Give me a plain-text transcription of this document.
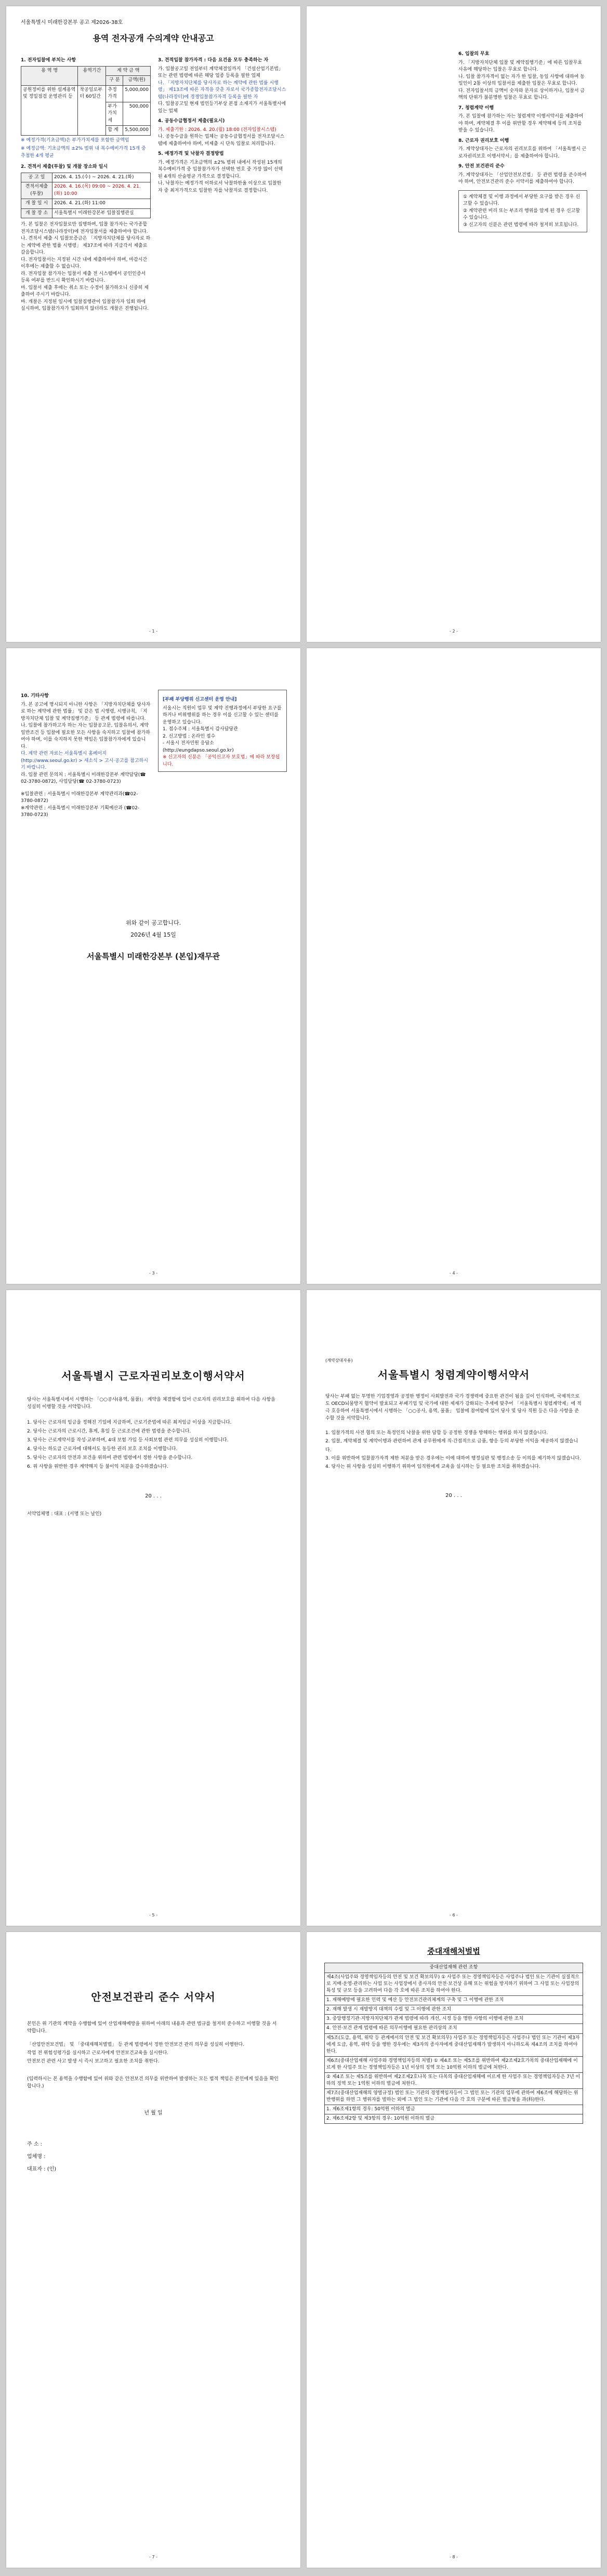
서울특별시 미래한강본부 공고 제2026-38호
용역 전자공개 수의계약 안내공고
1. 전자입찰에 부치는 사항
용 역 명	용역기간	계 약 금 액	
		구 분	금액(원)
공원정비를 위한 설계용역 및 정밀점검 운영관리 등	착공일로부터 60일간	추정가격	5,000,000
		부가가치세	500,000
		합 계	5,500,000
※ 예정가격(기초금액)은 부가가치세를 포함한 금액임
※ 예정금액: 기초금액의 ±2% 범위 내 복수예비가격 15개 중 추첨한 4개 평균
2. 견적서 제출(투찰) 및 개찰 장소와 일시
공 고 일	2026. 4. 15.(수) ~ 2026. 4. 21.(화)
견적서제출(투찰)	2026. 4. 16.(목) 09:00 ~ 2026. 4. 21.(화) 10:00
개 찰 일 시	2026. 4. 21.(화) 11:00
개 찰 장 소	서울특별시 미래한강본부 입찰집행관실

가. 본 입찰은 전자입찰로만 집행하며, 입찰 참가자는 국가종합전자조달시스템(나라장터)에 전자입찰서를 제출하여야 합니다.

나. 견적서 제출 시 입찰보증금은 「지방자치단체를 당사자로 하는 계약에 관한 법률 시행령」 제37조에 따라 지급각서 제출로 갈음합니다.

다. 전자입찰서는 지정된 시간 내에 제출하여야 하며, 마감시간 이후에는 제출할 수 없습니다.

라. 전자입찰 참가자는 입찰서 제출 전 시스템에서 공인인증서 등록 여부를 반드시 확인하시기 바랍니다.

마. 입찰서 제출 후에는 취소 또는 수정이 불가하오니 신중히 제출하여 주시기 바랍니다.

바. 개찰은 지정된 일시에 입찰집행관이 입찰참가자 입회 하에 실시하며, 입찰참가자가 입회하지 않더라도 개찰은 진행됩니다.

3. 견적입찰 참가자격 : 다음 요건을 모두 충족하는 자

가. 입찰공고일 전일부터 계약체결일까지 「건설산업기본법」 또는 관련 법령에 따른 해당 업종 등록을 필한 업체

나. 「지방자치단체를 당사자로 하는 계약에 관한 법률 시행령」 제13조에 따른 자격을 갖춘 자로서 국가종합전자조달시스템(나라장터)에 경쟁입찰참가자격 등록을 필한 자

다. 입찰공고일 현재 법인등기부상 본점 소재지가 서울특별시에 있는 업체

4. 공동수급협정서 제출(필요시)

가. 제출기한 : 2026. 4. 20.(월) 18:00 (전자입찰시스템)

나. 공동수급을 원하는 업체는 공동수급협정서를 전자조달시스템에 제출하여야 하며, 미제출 시 단독 입찰로 처리합니다.

5. 예정가격 및 낙찰자 결정방법

가. 예정가격은 기초금액의 ±2% 범위 내에서 작성된 15개의 복수예비가격 중 입찰참가자가 선택한 번호 중 가장 많이 선택된 4개의 산술평균 가격으로 결정합니다.

나. 낙찰자는 예정가격 이하로서 낙찰하한율 이상으로 입찰한 자 중 최저가격으로 입찰한 자를 낙찰자로 결정합니다.

- 1 -

6. 입찰의 무효

가. 「지방자치단체 입찰 및 계약집행기준」에 따른 입찰무효 사유에 해당하는 입찰은 무효로 합니다.

나. 입찰 참가자격이 없는 자가 한 입찰, 동일 사항에 대하여 동일인이 2통 이상의 입찰서를 제출한 입찰은 무효로 합니다.

다. 전자입찰서의 금액이 숫자와 문자로 상이하거나, 입찰서 금액의 단위가 불분명한 입찰은 무효로 합니다.

7. 청렴계약 이행

가. 본 입찰에 참가하는 자는 청렴계약 이행서약서를 제출하여야 하며, 계약체결 후 이를 위반할 경우 계약해제 등의 조치를 받을 수 있습니다.

8. 근로자 권리보호 이행

가. 계약상대자는 근로자의 권리보호를 위하여 「서울특별시 근로자권리보호 이행서약서」를 제출하여야 합니다.

9. 안전 보건관리 준수

가. 계약상대자는 「산업안전보건법」 등 관련 법령을 준수하여야 하며, 안전보건관리 준수 서약서를 제출하여야 합니다.

① 계약체결 및 이행 과정에서 부당한 요구를 받은 경우 신고할 수 있습니다.

② 계약관련 비리 또는 부조리 행위를 알게 된 경우 신고할 수 있습니다.

③ 신고자의 신분은 관련 법령에 따라 철저히 보호됩니다.

- 2 -

10. 기타사항

가. 본 공고에 명시되지 아니한 사항은 「지방자치단체를 당사자로 하는 계약에 관한 법률」 및 같은 법 시행령, 시행규칙, 「지방자치단체 입찰 및 계약집행기준」 등 관계 법령에 따릅니다.

나. 입찰에 참가하고자 하는 자는 입찰공고문, 입찰유의서, 계약일반조건 등 입찰에 필요한 모든 사항을 숙지하고 입찰에 참가하여야 하며, 이를 숙지하지 못한 책임은 입찰참가자에게 있습니다.

다. 계약 관련 자료는 서울특별시 홈페이지(http://www.seoul.go.kr) > 새소식 > 고시·공고를 참고하시기 바랍니다.

라. 입찰 관련 문의처 : 서울특별시 미래한강본부 계약담당(☎ 02-3780-0872), 사업담당(☎ 02-3780-0723)

※입찰관련 : 서울특별시 미래한강본부 계약관리과(☎02-3780-0872)

※계약관련 : 서울특별시 미래한강본부 기획예산과 (☎02-3780-0723)

[부패 부당행위 신고센터 운영 안내]

서울시는 직원이 업무 및 계약 진행과정에서 부당한 요구를 하거나 비위행위를 하는 경우 이를 신고할 수 있는 센터를 운영하고 있습니다.

1. 접수주체 : 서울특별시 감사담당관

2. 신고방법 : 온라인 접수

- 서울시 전자민원 응답소 (http://eungdapso.seoul.go.kr)

※ 신고자의 신분은 「공익신고자 보호법」에 따라 보장됩니다.

위와 같이 공고합니다.

2026년 4월 15일

서울특별시 미래한강본부 (본입)재무관

- 3 -	- 4 -
서울특별시 근로자권리보호이행서약서

당사는 서울특별시에서 시행하는 「○○공사(용역, 물품)」 계약을 체결함에 있어 근로자의 권리보호를 위하여 다음 사항을 성실히 이행할 것을 서약합니다.

1. 당사는 근로자의 임금을 정해진 기일에 지급하며, 근로기준법에 따른 최저임금 이상을 지급합니다.

2. 당사는 근로자의 근로시간, 휴게, 휴일 등 근로조건에 관한 법령을 준수합니다.

3. 당사는 근로계약서를 작성·교부하며, 4대 보험 가입 등 사회보험 관련 의무를 성실히 이행합니다.

4. 당사는 하도급 근로자에 대해서도 동등한 권리 보호 조치를 이행합니다.

5. 당사는 근로자의 안전과 보건을 위하여 관련 법령에서 정한 사항을 준수합니다.

6. 위 사항을 위반한 경우 계약해지 등 불이익 처분을 감수하겠습니다.

20 . . .

서약업체명 : 대표 : (서명 또는 날인)

- 5 -
(계약상대자용)
서울특별시 청렴계약이행서약서

당사는 부패 없는 투명한 기업경영과 공정한 행정이 사회발전과 국가 경쟁력에 중요한 관건이 됨을 깊이 인식하며, 국제적으로도 OECD뇌물방지 협약이 발효되고 부패기업 및 국가에 대한 제재가 강화되는 추세에 맞추어 「서울특별시 청렴계약제」에 적극 호응하여 서울특별시에서 시행하는 「○○공사, 용역, 물품」 입찰에 참여함에 있어 당사 및 당사 직원 등은 다음 사항을 준수할 것을 서약합니다.

1. 입찰가격의 사전 협의 또는 특정인의 낙찰을 위한 담합 등 공정한 경쟁을 방해하는 행위를 하지 않겠습니다.

2. 입찰, 계약체결 및 계약이행과 관련하여 관계 공무원에게 직·간접적으로 금품, 향응 등의 부당한 이익을 제공하지 않겠습니다.

3. 이를 위반하여 입찰참가자격 제한 처분을 받은 경우에는 이에 대하여 행정심판 및 행정소송 등 이의를 제기하지 않겠습니다.

4. 당사는 위 사항을 성실히 이행하기 위하여 임직원에게 교육을 실시하는 등 필요한 조치를 취하겠습니다.

20 . . .

- 6 -
안전보건관리 준수 서약서

본인은 위 기관의 계약을 수행함에 있어 산업재해예방을 위하여 아래의 내용과 관련 법규를 철저히 준수하고 이행할 것을 서약합니다.

「산업안전보건법」 및 「중대재해처벌법」 등 관계 법령에서 정한 안전보건 관리 의무를 성실히 이행한다.

작업 전 위험성평가를 실시하고 근로자에게 안전보건교육을 실시한다.

안전보건 관련 사고 발생 시 즉시 보고하고 필요한 조치를 취한다.

(입력하시는 본 용역을 수행함에 있어 위와 같은 안전보건 의무를 위반하여 발생하는 모든 법적 책임은 본인에게 있음을 확인합니다.)

년 월 일

주 소 :

업체명 :

대표자 : (인)

- 7 -
중대재해처벌법
중대산업재해 관련 조항
제4조(사업주와 경영책임자등의 안전 및 보건 확보의무) ① 사업주 또는 경영책임자등은 사업주나 법인 또는 기관이 실질적으로 지배·운영·관리하는 사업 또는 사업장에서 종사자의 안전·보건상 유해 또는 위험을 방지하기 위하여 그 사업 또는 사업장의 특성 및 규모 등을 고려하여 다음 각 호에 따른 조치를 하여야 한다.
1. 재해예방에 필요한 인력 및 예산 등 안전보건관리체계의 구축 및 그 이행에 관한 조치
2. 재해 발생 시 재발방지 대책의 수립 및 그 이행에 관한 조치
3. 중앙행정기관·지방자치단체가 관계 법령에 따라 개선, 시정 등을 명한 사항의 이행에 관한 조치
4. 안전·보건 관계 법령에 따른 의무이행에 필요한 관리상의 조치
제5조(도급, 용역, 위탁 등 관계에서의 안전 및 보건 확보의무) 사업주 또는 경영책임자등은 사업주나 법인 또는 기관이 제3자에게 도급, 용역, 위탁 등을 행한 경우에는 제3자의 종사자에게 중대산업재해가 발생하지 아니하도록 제4조의 조치를 하여야 한다.
제6조(중대산업재해 사업주와 경영책임자등의 처벌) ① 제4조 또는 제5조를 위반하여 제2조제2호가목의 중대산업재해에 이르게 한 사업주 또는 경영책임자등은 1년 이상의 징역 또는 10억원 이하의 벌금에 처한다.
② 제4조 또는 제5조를 위반하여 제2조제2호나목 또는 다목의 중대산업재해에 이르게 한 사업주 또는 경영책임자등은 7년 이하의 징역 또는 1억원 이하의 벌금에 처한다.
제7조(중대산업재해의 양벌규정) 법인 또는 기관의 경영책임자등이 그 법인 또는 기관의 업무에 관하여 제6조에 해당하는 위반행위를 하면 그 행위자를 벌하는 외에 그 법인 또는 기관에 다음 각 호의 구분에 따른 벌금형을 과(科)한다.
1. 제6조제1항의 경우: 50억원 이하의 벌금
2. 제6조제2항 및 제3항의 경우: 10억원 이하의 벌금
- 8 -
